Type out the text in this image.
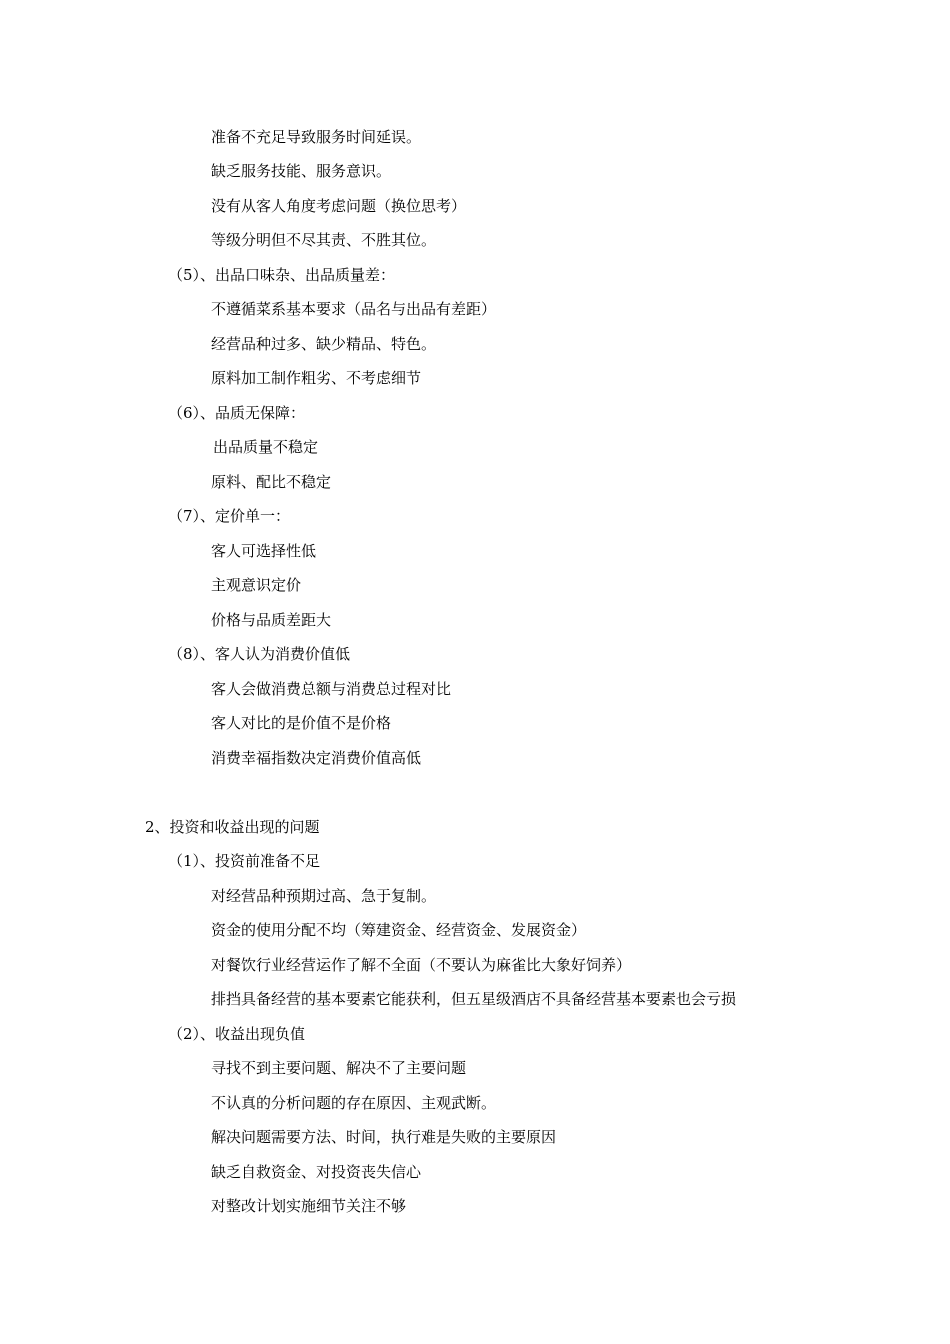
准备不充足导致服务时间延误。
缺乏服务技能、服务意识。
没有从客人角度考虑问题（换位思考）
等级分明但不尽其责、不胜其位。
（5）、出品口味杂、出品质量差：
不遵循菜系基本要求（品名与出品有差距）
经营品种过多、缺少精品、特色。
原料加工制作粗劣、不考虑细节
（6）、品质无保障：
出品质量不稳定
原料、配比不稳定
（7）、定价单一：
客人可选择性低
主观意识定价
价格与品质差距大
（8）、客人认为消费价值低
客人会做消费总额与消费总过程对比
客人对比的是价值不是价格
消费幸福指数决定消费价值高低
2、投资和收益出现的问题
（1）、投资前准备不足
对经营品种预期过高、急于复制。
资金的使用分配不均（筹建资金、经营资金、发展资金）
对餐饮行业经营运作了解不全面（不要认为麻雀比大象好饲养）
排挡具备经营的基本要素它能获利，但五星级酒店不具备经营基本要素也会亏损
（2）、收益出现负值
寻找不到主要问题、解决不了主要问题
不认真的分析问题的存在原因、主观武断。
解决问题需要方法、时间，执行难是失败的主要原因
缺乏自救资金、对投资丧失信心
对整改计划实施细节关注不够
